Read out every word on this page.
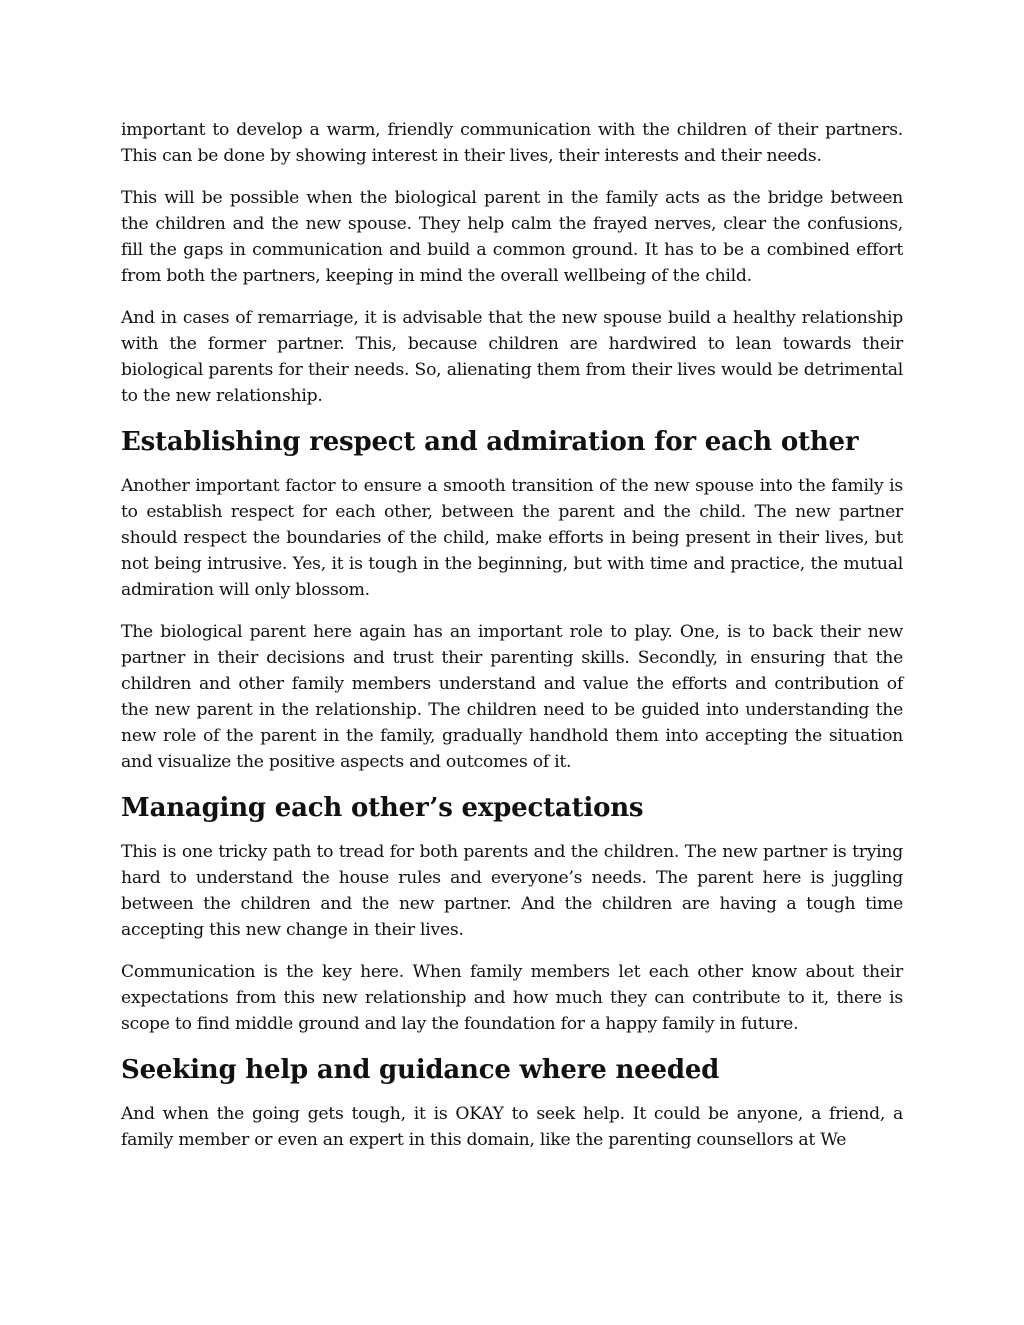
important to develop a warm, friendly communication with the children of their partners. This can be done by showing interest in their lives, their interests and their needs.

This will be possible when the biological parent in the family acts as the bridge between the children and the new spouse. They help calm the frayed nerves, clear the confusions, fill the gaps in communication and build a common ground. It has to be a combined effort from both the partners, keeping in mind the overall wellbeing of the child.

And in cases of remarriage, it is advisable that the new spouse build a healthy relationship with the former partner. This, because children are hardwired to lean towards their biological parents for their needs. So, alienating them from their lives would be detrimental to the new relationship.

Establishing respect and admiration for each other

Another important factor to ensure a smooth transition of the new spouse into the family is to establish respect for each other, between the parent and the child. The new partner should respect the boundaries of the child, make efforts in being present in their lives, but not being intrusive. Yes, it is tough in the beginning, but with time and practice, the mutual admiration will only blossom.

The biological parent here again has an important role to play. One, is to back their new partner in their decisions and trust their parenting skills. Secondly, in ensuring that the children and other family members understand and value the efforts and contribution of the new parent in the relationship. The children need to be guided into understanding the new role of the parent in the family, gradually handhold them into accepting the situation and visualize the positive aspects and outcomes of it.

Managing each other’s expectations

This is one tricky path to tread for both parents and the children. The new partner is trying hard to understand the house rules and everyone’s needs. The parent here is juggling between the children and the new partner. And the children are having a tough time accepting this new change in their lives.

Communication is the key here. When family members let each other know about their expectations from this new relationship and how much they can contribute to it, there is scope to find middle ground and lay the foundation for a happy family in future.

Seeking help and guidance where needed

And when the going gets tough, it is OKAY to seek help. It could be anyone, a friend, a family member or even an expert in this domain, like the parenting counsellors at We
